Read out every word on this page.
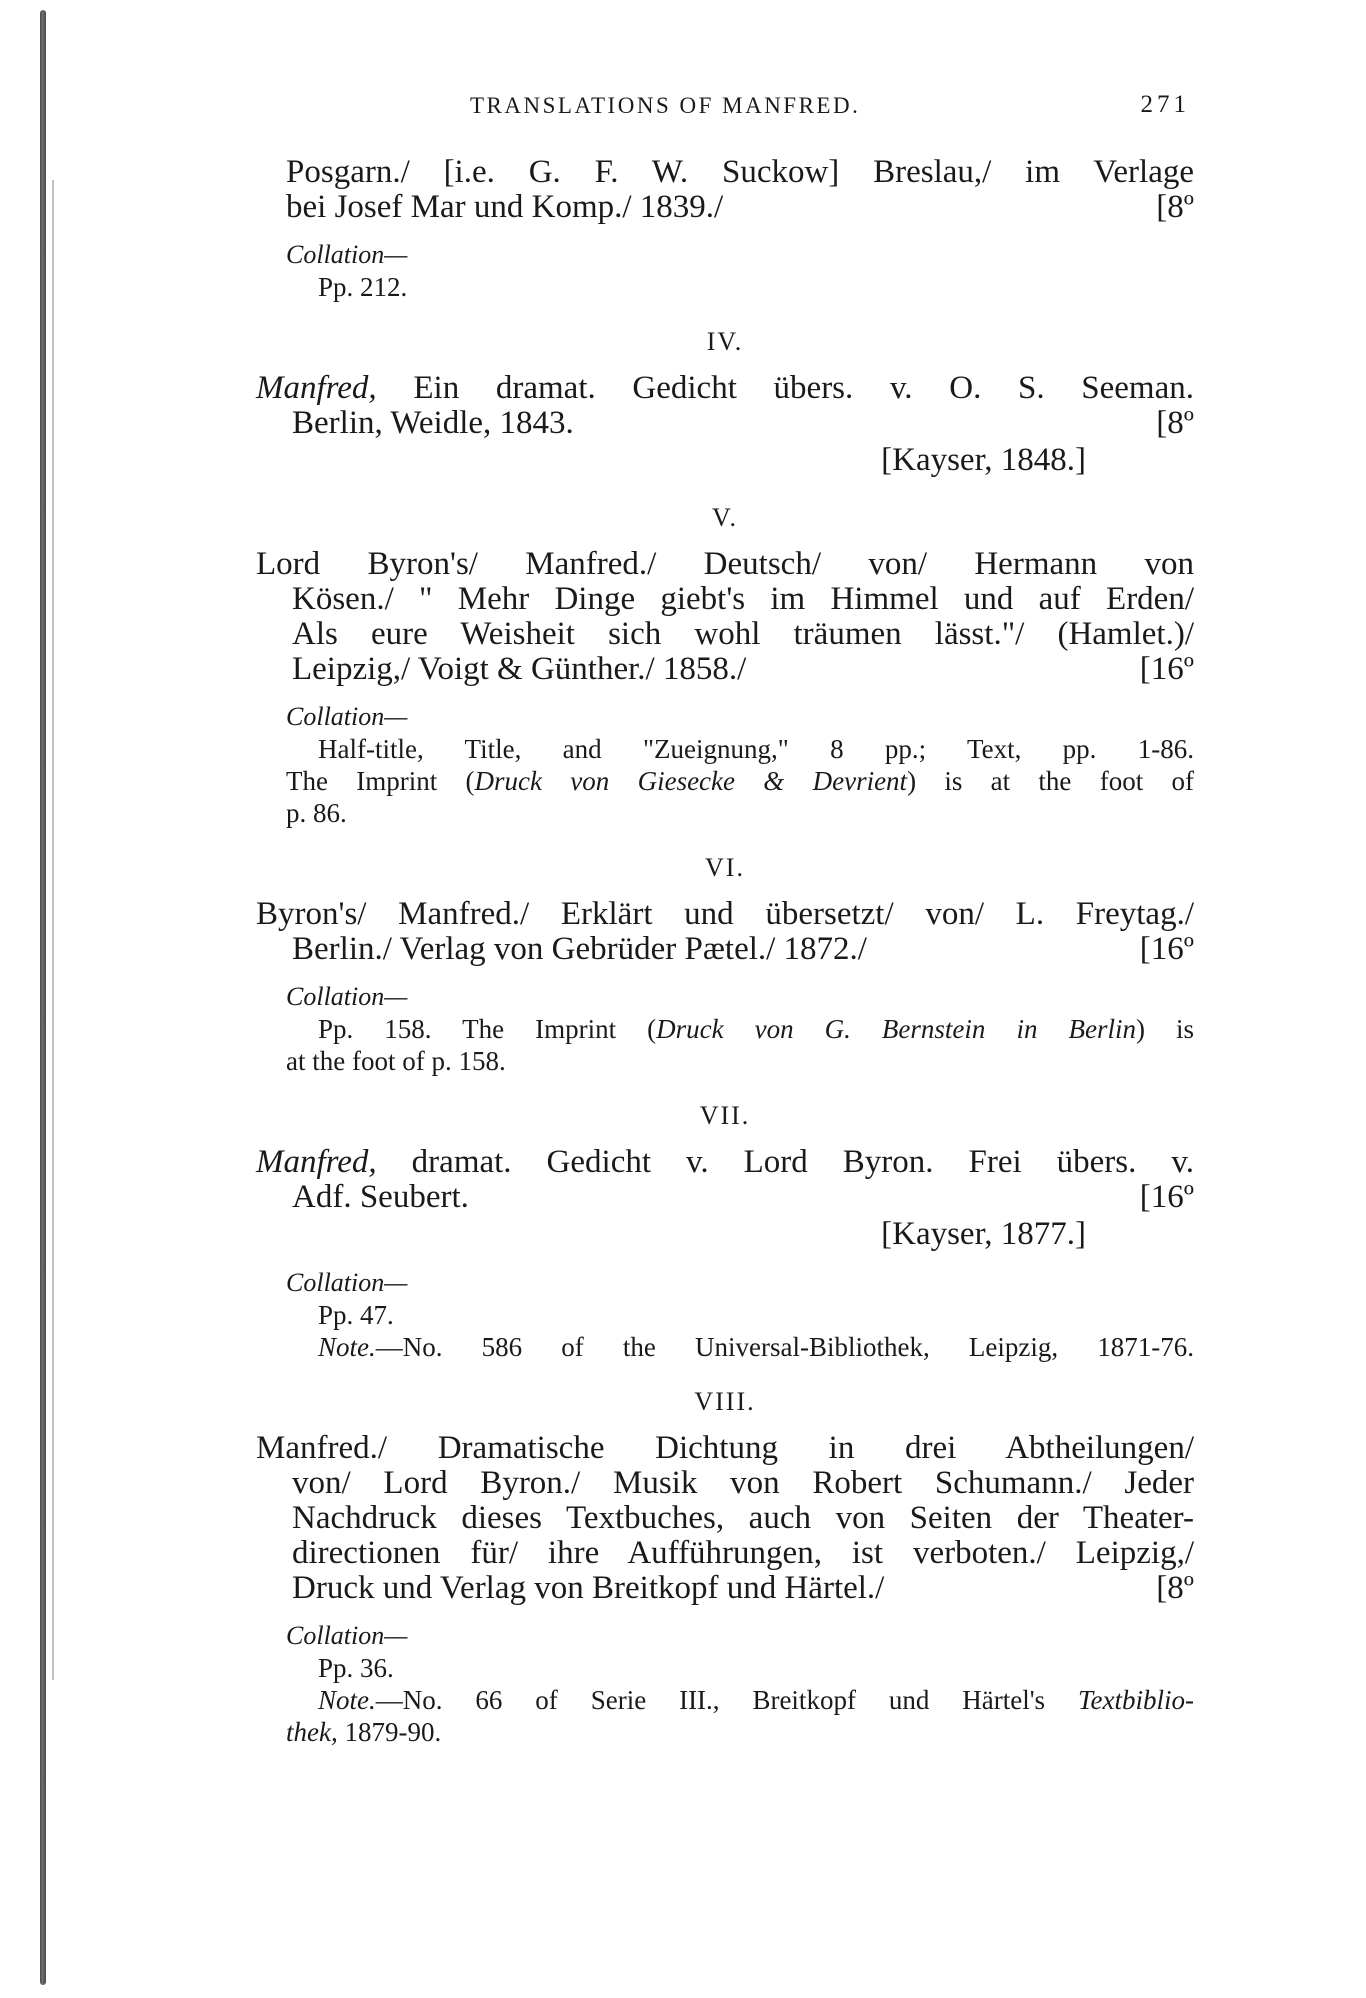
TRANSLATIONS OF MANFRED.	271
Posgarn./ [i.e. G. F. W. Suckow] Breslau,/ im Verlage
bei Josef Mar und Komp./ 1839./	[8º
Collation—
Pp. 212.
IV.
Manfred, Ein dramat. Gedicht übers. v. O. S. Seeman.
Berlin, Weidle, 1843.	[8º
[Kayser, 1848.]
V.
Lord Byron's/ Manfred./ Deutsch/ von/ Hermann von
Kösen./ " Mehr Dinge giebt's im Himmel und auf Erden/
Als eure Weisheit sich wohl träumen lässt."/ (Hamlet.)/
Leipzig,/ Voigt & Günther./ 1858./	[16º
Collation—
Half-title, Title, and "Zueignung," 8 pp.; Text, pp. 1-86.
The Imprint (Druck von Giesecke & Devrient) is at the foot of
p. 86.
VI.
Byron's/ Manfred./ Erklärt und übersetzt/ von/ L. Freytag./
Berlin./ Verlag von Gebrüder Pætel./ 1872./	[16º
Collation—
Pp. 158. The Imprint (Druck von G. Bernstein in Berlin) is
at the foot of p. 158.
VII.
Manfred, dramat. Gedicht v. Lord Byron. Frei übers. v.
Adf. Seubert.	[16º
[Kayser, 1877.]
Collation—
Pp. 47.
Note.—No. 586 of the Universal-Bibliothek, Leipzig, 1871-76.
VIII.
Manfred./ Dramatische Dichtung in drei Abtheilungen/
von/ Lord Byron./ Musik von Robert Schumann./ Jeder
Nachdruck dieses Textbuches, auch von Seiten der Theater-
directionen für/ ihre Aufführungen, ist verboten./ Leipzig,/
Druck und Verlag von Breitkopf und Härtel./	[8º
Collation—
Pp. 36.
Note.—No. 66 of Serie III., Breitkopf und Härtel's Textbiblio-
thek, 1879-90.
